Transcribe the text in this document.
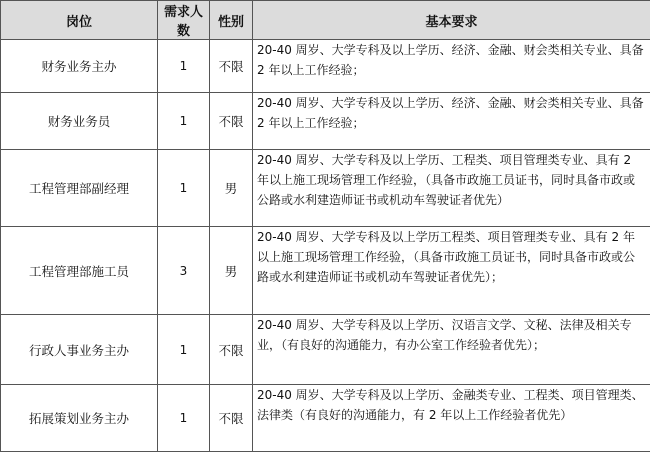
岗位	需求人数	性别	基本要求
财务业务主办	1	不限	20-40 周岁、大学专科及以上学历、经济、金融、财会类相关专业、具备 2 年以上工作经验；
财务业务员	1	不限	20-40 周岁、大学专科及以上学历、经济、金融、财会类相关专业、具备 2 年以上工作经验；
工程管理部副经理	1	男	20-40 周岁、大学专科及以上学历、工程类、项目管理类专业、具有 2 年以上施工现场管理工作经验，（具备市政施工员证书，同时具备市政或公路或水利建造师证书或机动车驾驶证者优先）
工程管理部施工员	3	男	20-40 周岁、大学专科及以上学历工程类、项目管理类专业、具有 2 年以上施工现场管理工作经验，（具备市政施工员证书，同时具备市政或公路或水利建造师证书或机动车驾驶证者优先）；
行政人事业务主办	1	不限	20-40 周岁、大学专科及以上学历、汉语言文学、文秘、法律及相关专业，（有良好的沟通能力，有办公室工作经验者优先）；
拓展策划业务主办	1	不限	20-40 周岁、大学专科及以上学历、金融类专业、工程类、项目管理类、法律类（有良好的沟通能力，有 2 年以上工作经验者优先）
